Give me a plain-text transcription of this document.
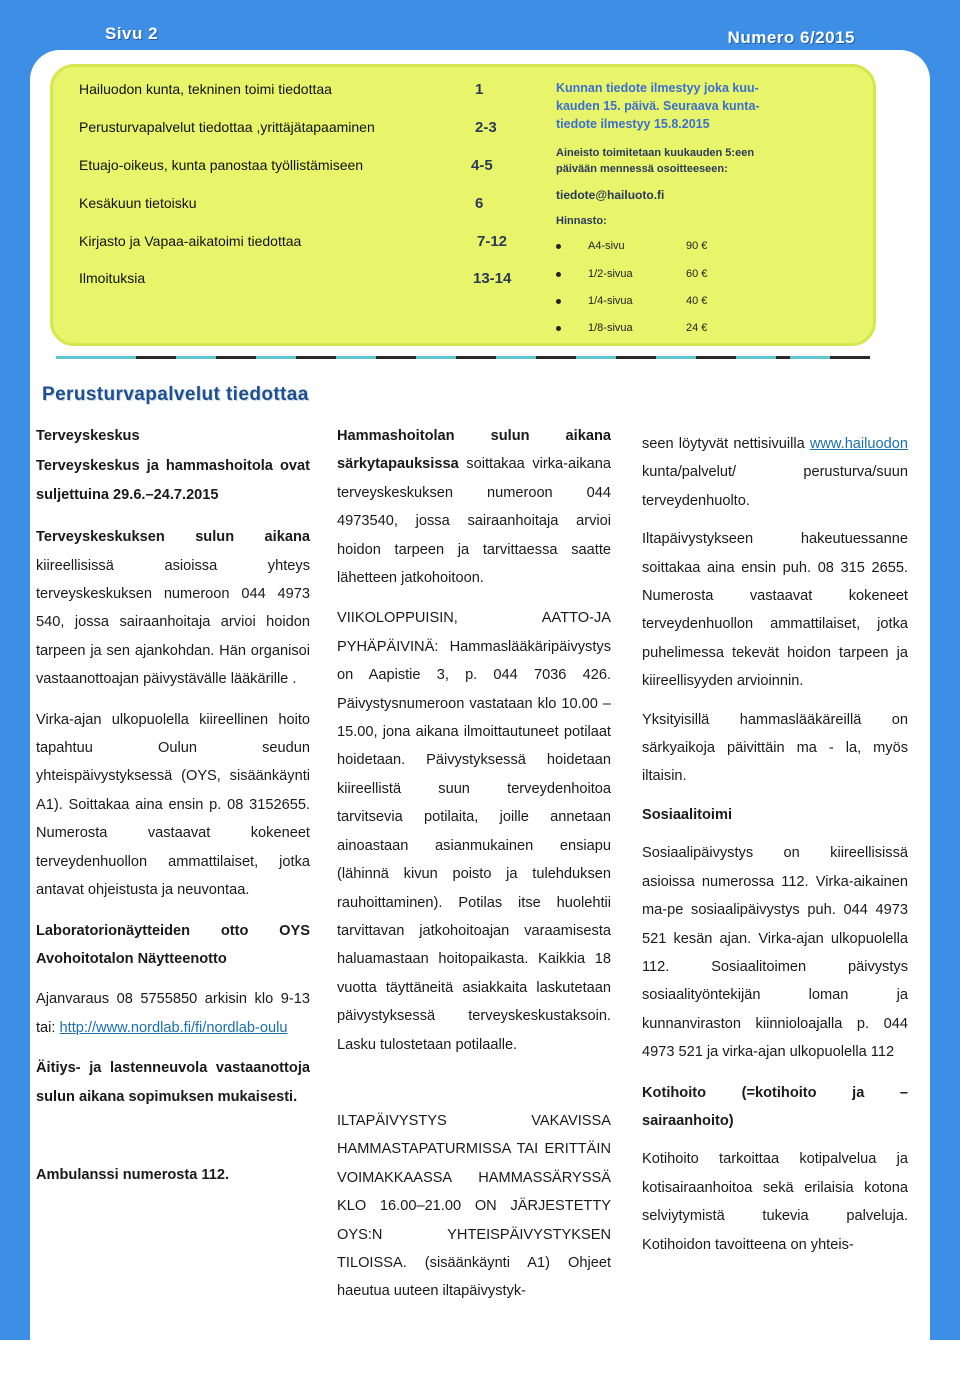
Sivu 2	Numero 6/2015
Hailuodon kunta, tekninen toimi tiedottaa	1
Perusturvapalvelut tiedottaa ,yrittäjätapaaminen	2-3
Etuajo-oikeus, kunta panostaa työllistämiseen	4-5
Kesäkuun tietoisku	6
Kirjasto ja Vapaa-aikatoimi tiedottaa	7-12
Ilmoituksia	13-14
Kunnan tiedote ilmestyy joka kuu-
kauden 15. päivä. Seuraava kunta-
tiedote ilmestyy 15.8.2015
Aineisto toimitetaan kuukauden 5:een
päivään mennessä osoitteeseen:
tiedote@hailuoto.fi
Hinnasto:
A4-sivu	90 €
1/2-sivua	60 €
1/4-sivua	40 €
1/8-sivua	24 €
Perusturvapalvelut tiedottaa

Terveyskeskus

Terveyskeskus ja hammashoitola ovat suljettuina 29.6.–24.7.2015

Terveyskeskuksen sulun aikana kiireellisissä asioissa yhteys terveyskeskuksen numeroon 044 4973 540, jossa sairaanhoitaja arvioi hoidon tarpeen ja sen ajankohdan. Hän organisoi vastaanottoajan päivystävälle lääkärille .

Virka-ajan ulkopuolella kiireellinen hoito tapahtuu Oulun seudun yhteispäivystyksessä (OYS, sisäänkäynti A1). Soittakaa aina ensin p. 08 3152655. Numerosta vastaavat kokeneet terveydenhuollon ammattilaiset, jotka antavat ohjeistusta ja neuvontaa.

Laboratorionäytteiden otto OYS Avohoitotalon Näytteenotto

Ajanvaraus 08 5755850 arkisin klo 9-13 tai: http://www.nordlab.fi/fi/nordlab-oulu

Äitiys- ja lastenneuvola vastaanottoja sulun aikana sopimuksen mukaisesti.

Ambulanssi numerosta 112.

Hammashoitolan sulun aikana särkytapauksissa soittakaa virka-aikana terveyskeskuksen numeroon 044 4973540, jossa sairaanhoitaja arvioi hoidon tarpeen ja tarvittaessa saatte lähetteen jatkohoitoon.

VIIKOLOPPUISIN, AATTO-JA PYHÄPÄIVINÄ: Hammaslääkäripäivystys on Aapistie 3, p. 044 7036 426. Päivystysnumeroon vastataan klo 10.00 – 15.00, jona aikana ilmoittautuneet potilaat hoidetaan. Päivystyksessä hoidetaan kiireellistä suun terveydenhoitoa tarvitsevia potilaita, joille annetaan ainoastaan asianmukainen ensiapu (lähinnä kivun poisto ja tulehduksen rauhoittaminen). Potilas itse huolehtii tarvittavan jatkohoitoajan varaamisesta haluamastaan hoitopaikasta. Kaikkia 18 vuotta täyttäneitä asiakkaita laskutetaan päivystyksessä terveyskeskustaksoin. Lasku tulostetaan potilaalle.

ILTAPÄIVYSTYS VAKAVISSA HAMMASTAPATURMISSA TAI ERITTÄIN VOIMAKKAASSA HAMMASSÄRYSSÄ KLO 16.00–21.00 ON JÄRJESTETTY OYS:N YHTEISPÄIVYSTYKSEN TILOISSA. (sisäänkäynti A1) Ohjeet haeutua uuteen iltapäivystyk-

seen löytyvät nettisivuilla www.hailuodon kunta/palvelut/ perusturva/suun terveydenhuolto.

Iltapäivystykseen hakeutuessanne soittakaa aina ensin puh. 08 315 2655. Numerosta vastaavat kokeneet terveydenhuollon ammattilaiset, jotka puhelimessa tekevät hoidon tarpeen ja kiireellisyyden arvioinnin.

Yksityisillä hammaslääkäreillä on särkyaikoja päivittäin ma - la, myös iltaisin.

Sosiaalitoimi

Sosiaalipäivystys on kiireellisissä asioissa numerossa 112. Virka-aikainen ma-pe sosiaalipäivystys puh. 044 4973 521 kesän ajan. Virka-ajan ulkopuolella 112. Sosiaalitoimen päivystys sosiaalityöntekijän loman ja kunnanviraston kiinnioloajalla p. 044 4973 521 ja virka-ajan ulkopuolella 112

Kotihoito (=kotihoito ja – sairaanhoito)

Kotihoito tarkoittaa kotipalvelua ja kotisairaanhoitoa sekä erilaisia kotona selviytymistä tukevia palveluja. Kotihoidon tavoitteena on yhteis-
